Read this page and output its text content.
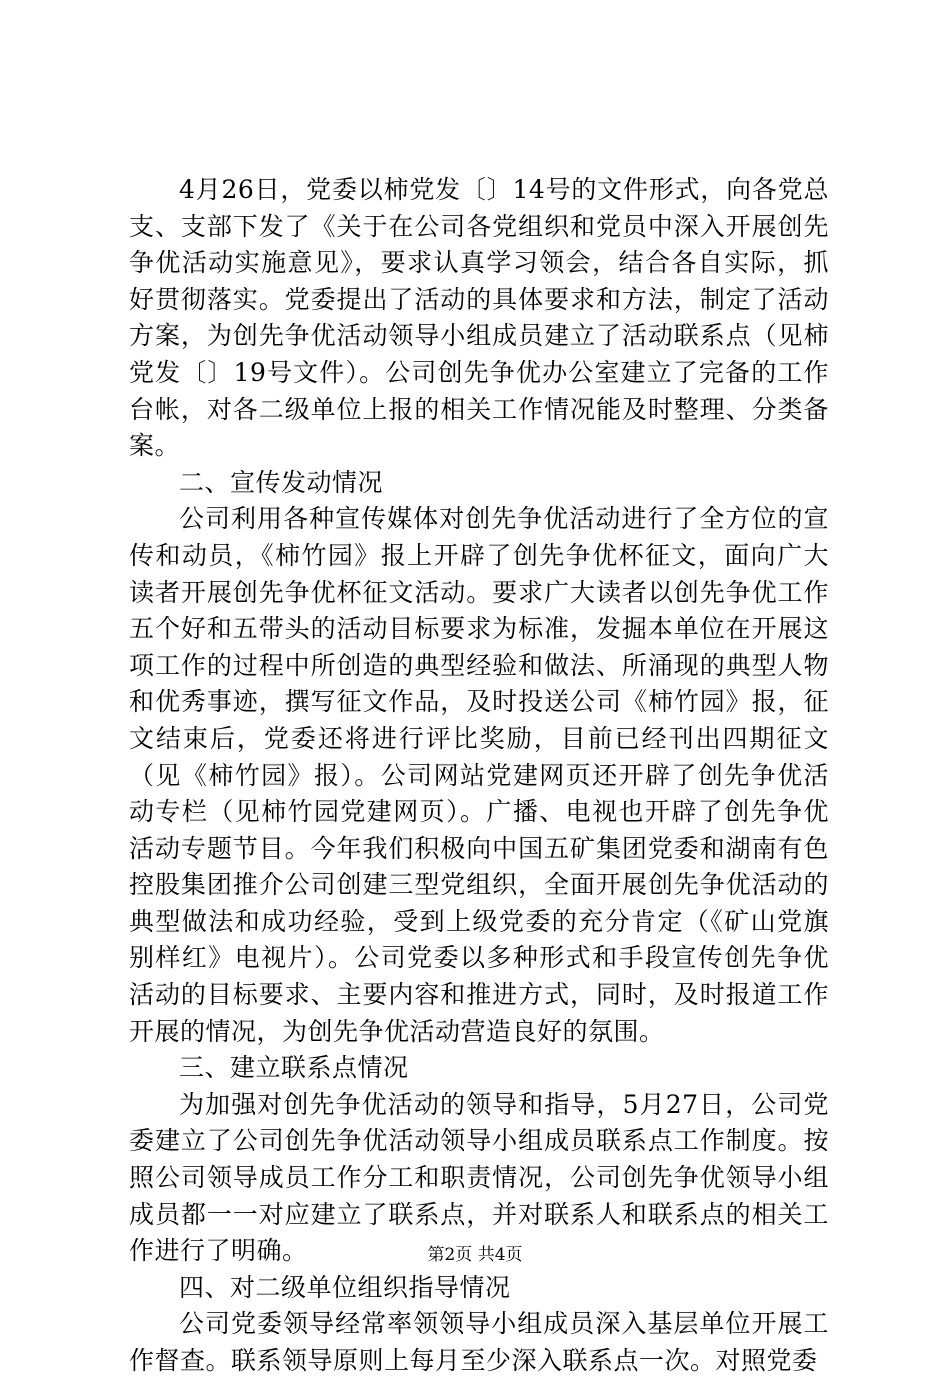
4月26日，党委以柿党发〔〕14号的文件形式，向各党总支、支部下发了《关于在公司各党组织和党员中深入开展创先争优活动实施意见》，要求认真学习领会，结合各自实际，抓好贯彻落实。党委提出了活动的具体要求和方法，制定了活动方案，为创先争优活动领导小组成员建立了活动联系点（见柿党发〔〕19号文件）。公司创先争优办公室建立了完备的工作台帐，对各二级单位上报的相关工作情况能及时整理、分类备案。

二、宣传发动情况

公司利用各种宣传媒体对创先争优活动进行了全方位的宣传和动员，《柿竹园》报上开辟了创先争优杯征文，面向广大读者开展创先争优杯征文活动。要求广大读者以创先争优工作五个好和五带头的活动目标要求为标准，发掘本单位在开展这项工作的过程中所创造的典型经验和做法、所涌现的典型人物和优秀事迹，撰写征文作品，及时投送公司《柿竹园》报，征文结束后，党委还将进行评比奖励，目前已经刊出四期征文（见《柿竹园》报）。公司网站党建网页还开辟了创先争优活动专栏（见柿竹园党建网页）。广播、电视也开辟了创先争优活动专题节目。今年我们积极向中国五矿集团党委和湖南有色控股集团推介公司创建三型党组织，全面开展创先争优活动的典型做法和成功经验，受到上级党委的充分肯定（《矿山党旗别样红》电视片）。公司党委以多种形式和手段宣传创先争优活动的目标要求、主要内容和推进方式，同时，及时报道工作开展的情况，为创先争优活动营造良好的氛围。

三、建立联系点情况

为加强对创先争优活动的领导和指导，5月27日，公司党委建立了公司创先争优活动领导小组成员联系点工作制度。按照公司领导成员工作分工和职责情况，公司创先争优领导小组成员都一一对应建立了联系点，并对联系人和联系点的相关工作进行了明确。

四、对二级单位组织指导情况

公司党委领导经常率领领导小组成员深入基层单位开展工作督查。联系领导原则上每月至少深入联系点一次。对照党委

第2页 共4页
